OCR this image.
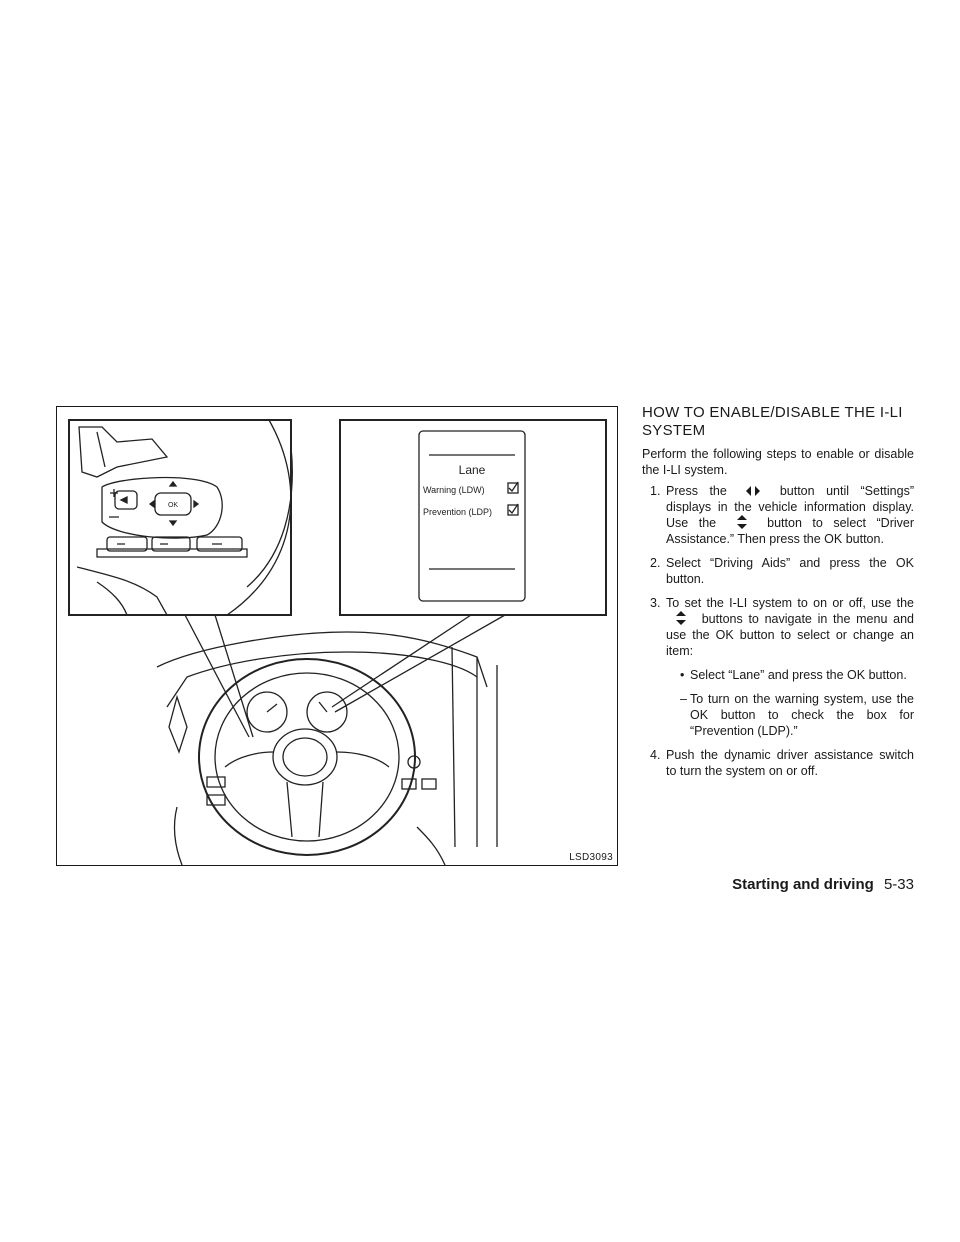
Lane
Warning (LDW)
Prevention (LDP)
OK
LSD3093
HOW TO ENABLE/DISABLE THE I-LI
SYSTEM

Perform the following steps to enable or disable the I-LI system.

1. Press the	button until “Settings” displays in the vehicle information display. Use the	button to select “Driver Assistance.” Then press the OK button.
2. Select “Driving Aids” and press the OK button.
3. To set the I-LI system to on or off, use the  buttons to navigate in the menu and use the OK button to select or change an item:
• Select “Lane” and press the OK button.
– To turn on the warning system, use the OK button to check the box for “Prevention (LDP).”
4. Push the dynamic driver assistance switch to turn the system on or off.
Starting and driving 5-33
